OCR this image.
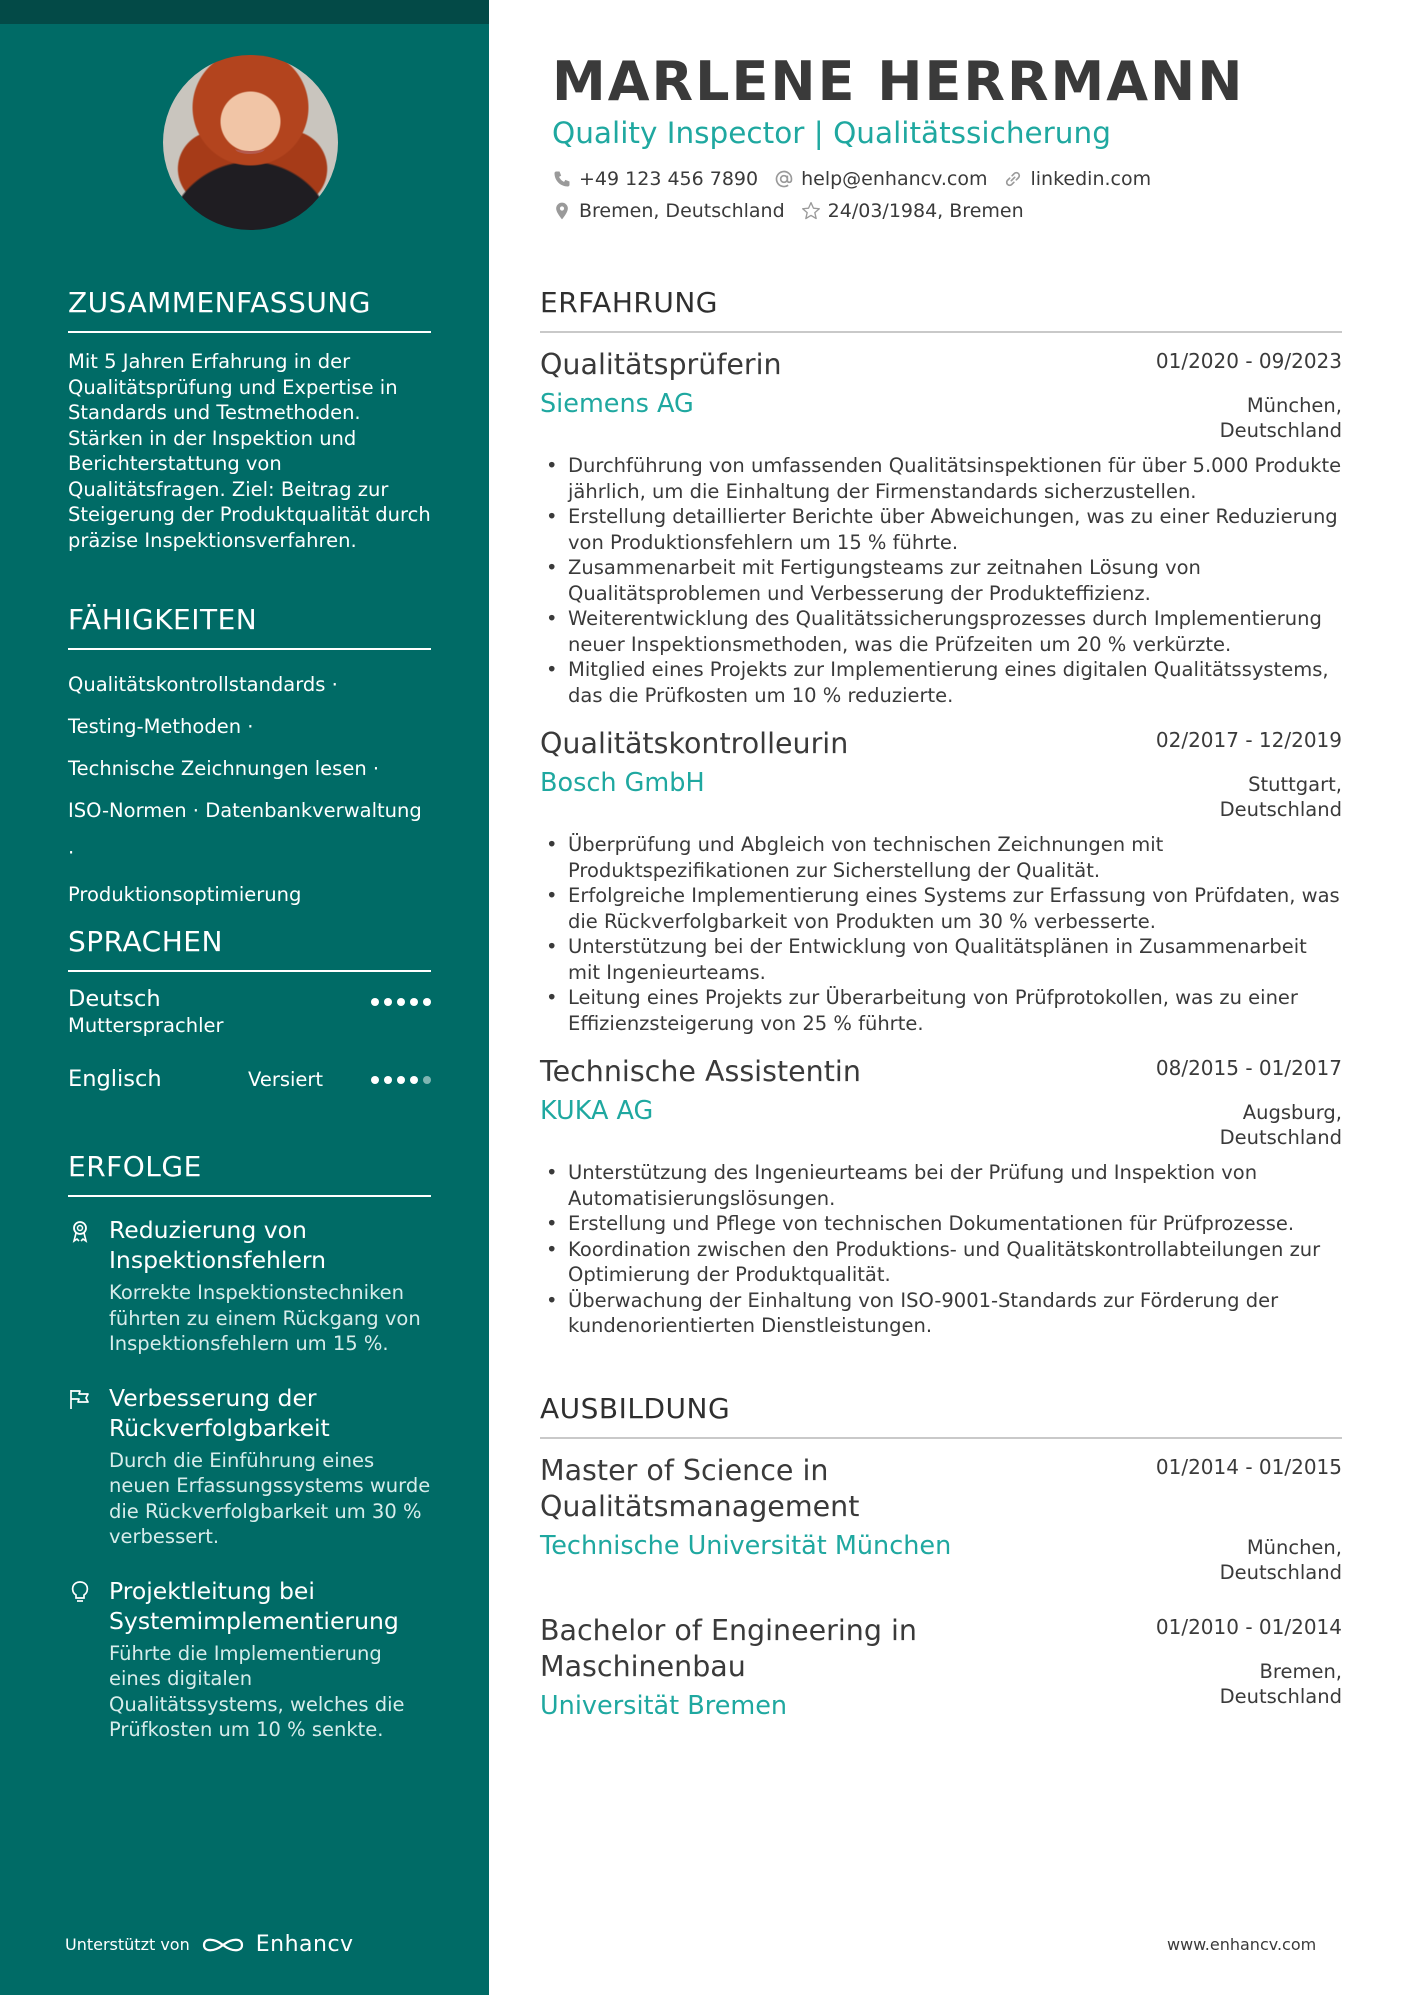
ZUSAMMENFASSUNG
Mit 5 Jahren Erfahrung in der Qualitätsprüfung und Expertise in Standards und Testmethoden. Stärken in der Inspektion und Berichterstattung von Qualitätsfragen. Ziel: Beitrag zur Steigerung der Produktqualität durch präzise Inspektionsverfahren.
FÄHIGKEITEN
Qualitätskontrollstandards ·
Testing-Methoden ·
Technische Zeichnungen lesen ·
ISO-Normen · Datenbankverwaltung ·
Produktionsoptimierung
SPRACHEN
Deutsch
Muttersprachler
Englisch	Versiert
ERFOLGE
Reduzierung von Inspektionsfehlern
Korrekte Inspektionstechniken führten zu einem Rückgang von Inspektionsfehlern um 15 %.
Verbesserung der Rückverfolgbarkeit
Durch die Einführung eines neuen Erfassungssystems wurde die Rückverfolgbarkeit um 30 % verbessert.
Projektleitung bei Systemimplementierung
Führte die Implementierung eines digitalen Qualitätssystems, welches die Prüfkosten um 10 % senkte.
Unterstützt von	Enhancv
MARLENE HERRMANN
Quality Inspector | Qualitätssicherung
+49 123 456 7890 help@enhancv.com linkedin.com
Bremen, Deutschland 24/03/1984, Bremen
ERFAHRUNG
Qualitätsprüferin	01/2020 - 09/2023
München,
Deutschland
Siemens AG
• Durchführung von umfassenden Qualitätsinspektionen für über 5.000 Produkte jährlich, um die Einhaltung der Firmenstandards sicherzustellen.
• Erstellung detaillierter Berichte über Abweichungen, was zu einer Reduzierung von Produktionsfehlern um 15 % führte.
• Zusammenarbeit mit Fertigungsteams zur zeitnahen Lösung von Qualitätsproblemen und Verbesserung der Produkteffizienz.
• Weiterentwicklung des Qualitätssicherungsprozesses durch Implementierung neuer Inspektionsmethoden, was die Prüfzeiten um 20 % verkürzte.
• Mitglied eines Projekts zur Implementierung eines digitalen Qualitätssystems, das die Prüfkosten um 10 % reduzierte.
Qualitätskontrolleurin	02/2017 - 12/2019
Stuttgart,
Deutschland
Bosch GmbH
• Überprüfung und Abgleich von technischen Zeichnungen mit Produktspezifikationen zur Sicherstellung der Qualität.
• Erfolgreiche Implementierung eines Systems zur Erfassung von Prüfdaten, was die Rückverfolgbarkeit von Produkten um 30 % verbesserte.
• Unterstützung bei der Entwicklung von Qualitätsplänen in Zusammenarbeit mit Ingenieurteams.
• Leitung eines Projekts zur Überarbeitung von Prüfprotokollen, was zu einer Effizienzsteigerung von 25 % führte.
Technische Assistentin	08/2015 - 01/2017
Augsburg,
Deutschland
KUKA AG
• Unterstützung des Ingenieurteams bei der Prüfung und Inspektion von Automatisierungslösungen.
• Erstellung und Pflege von technischen Dokumentationen für Prüfprozesse.
• Koordination zwischen den Produktions- und Qualitätskontrollabteilungen zur Optimierung der Produktqualität.
• Überwachung der Einhaltung von ISO-9001-Standards zur Förderung der kundenorientierten Dienstleistungen.
AUSBILDUNG
Master of Science in Qualitätsmanagement
01/2014 - 01/2015
München,
Deutschland
Technische Universität München
Bachelor of Engineering in Maschinenbau
01/2010 - 01/2014
Bremen,
Deutschland
Universität Bremen
www.enhancv.com
